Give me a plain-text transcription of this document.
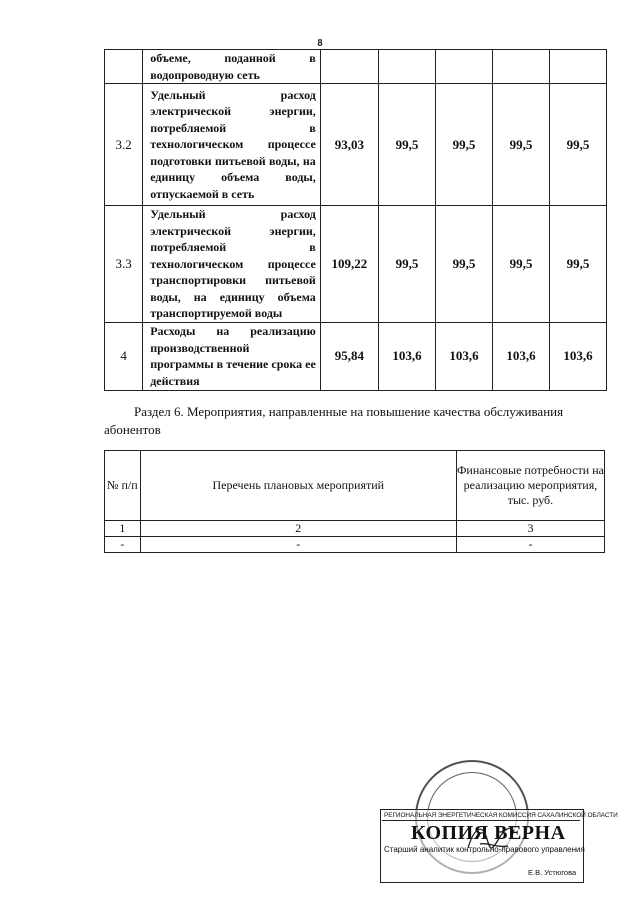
8
	объеме, поданной в водопроводную сеть					
3.2	Удельный расход электрической энергии, потребляемой в технологическом процессе подготовки питьевой воды, на единицу объема воды, отпускаемой в сеть	93,03	99,5	99,5	99,5	99,5
3.3	Удельный расход электрической энергии, потребляемой в технологическом процессе транспортировки питьевой воды, на единицу объема транспортируемой воды	109,22	99,5	99,5	99,5	99,5
4	Расходы на реализацию производственной программы в течение срока ее действия	95,84	103,6	103,6	103,6	103,6
Раздел 6. Мероприятия, направленные на повышение качества обслуживания абонентов
№ п/п	Перечень плановых мероприятий	Финансовые потребности на реализацию мероприятия, тыс. руб.
1	2	3
-	-	-
РЕГИОНАЛЬНАЯ ЭНЕРГЕТИЧЕСКАЯ КОМИССИЯ САХАЛИНСКОЙ ОБЛАСТИ
КОПИЯ ВЕРНА
Старший аналитик контрольно-правового управления
Е.В. Устюгова
